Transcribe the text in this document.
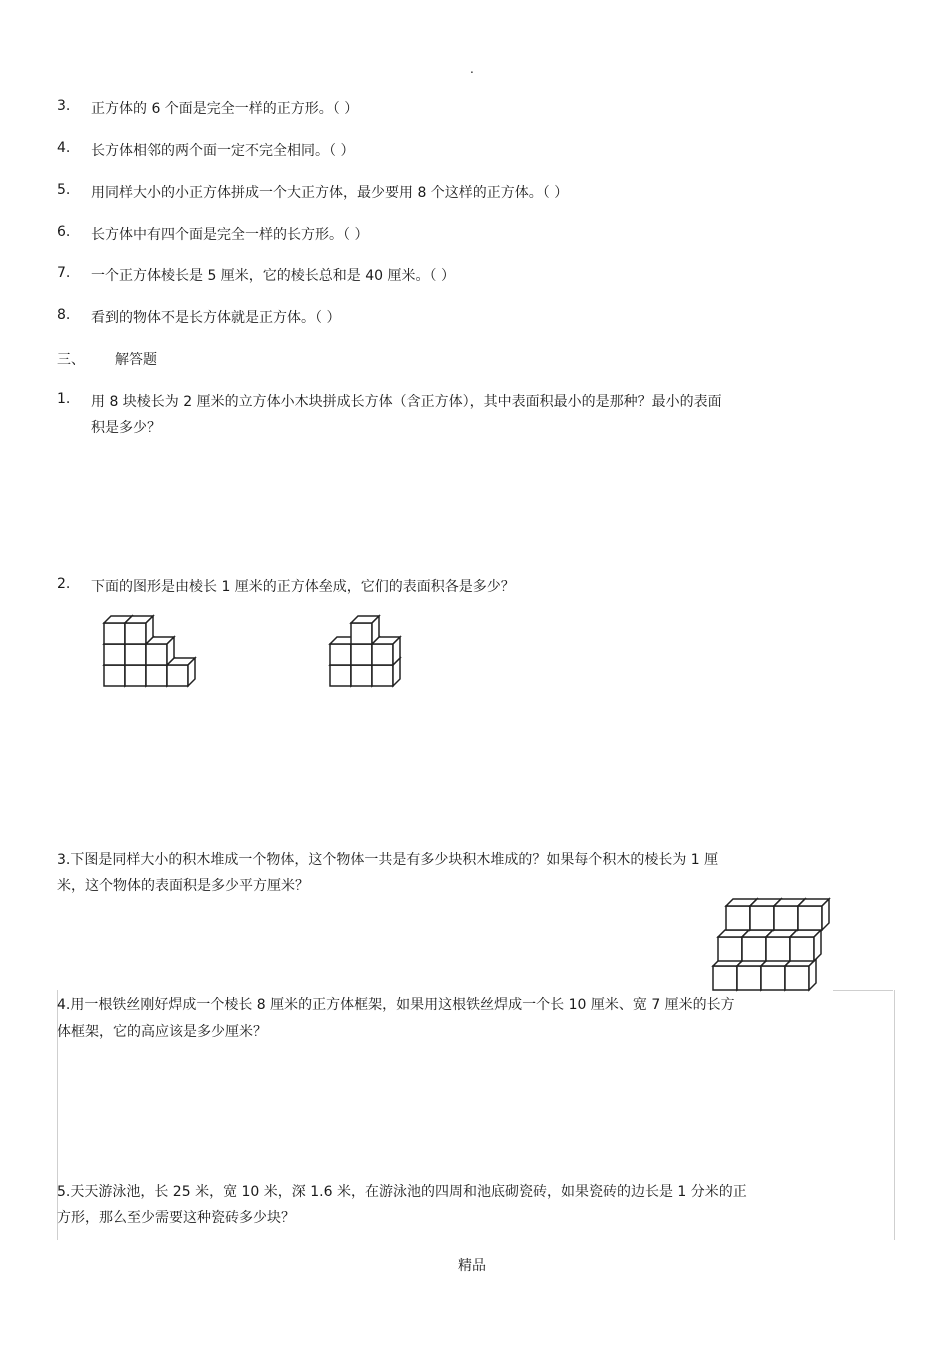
.
3. 正方体的 6 个面是完全一样的正方形。（ ）
4. 长方体相邻的两个面一定不完全相同。（ ）
5. 用同样大小的小正方体拼成一个大正方体，最少要用 8 个这样的正方体。（ ）
6. 长方体中有四个面是完全一样的长方形。（ ）
7. 一个正方体棱长是 5 厘米，它的棱长总和是 40 厘米。（ ）
8. 看到的物体不是长方体就是正方体。（ ）
三、 解答题
1. 用 8 块棱长为 2 厘米的立方体小木块拼成长方体（含正方体），其中表面积最小的是那种？最小的表面
积是多少？
2. 下面的图形是由棱长 1 厘米的正方体垒成，它们的表面积各是多少？
3.下图是同样大小的积木堆成一个物体，这个物体一共是有多少块积木堆成的？如果每个积木的棱长为 1 厘
米，这个物体的表面积是多少平方厘米？
4.用一根铁丝刚好焊成一个棱长 8 厘米的正方体框架，如果用这根铁丝焊成一个长 10 厘米、宽 7 厘米的长方
体框架，它的高应该是多少厘米？
5.天天游泳池，长 25 米，宽 10 米，深 1.6 米，在游泳池的四周和池底砌瓷砖，如果瓷砖的边长是 1 分米的正
方形，那么至少需要这种瓷砖多少块？
精品
